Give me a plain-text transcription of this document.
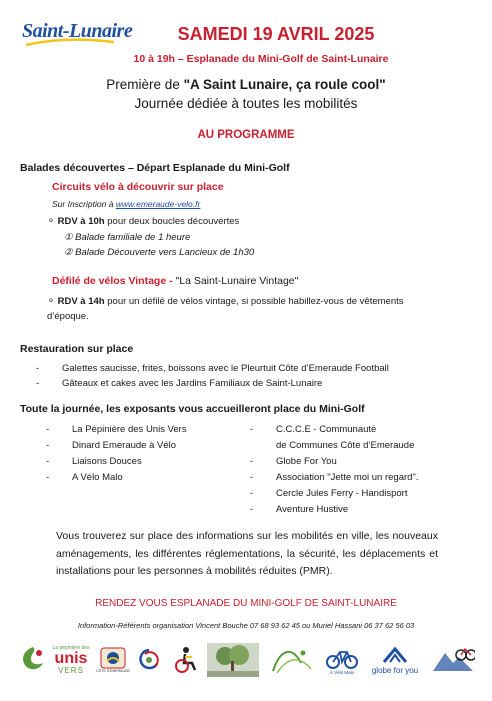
Saint-Lunaire	SAMEDI 19 AVRIL 2025
10 à 19h – Esplanade du Mini-Golf de Saint-Lunaire
Première de "A Saint Lunaire, ça roule cool"
Journée dédiée à toutes les mobilités
AU PROGRAMME
Balades découvertes – Départ Esplanade du Mini-Golf
Circuits vélo à découvrir sur place
Sur Inscription à www.emeraude-velo.fr
⚬ RDV à 10h pour deux boucles découvertes
① Balade familiale de 1 heure
② Balade Découverte vers Lancieux de 1h30
Défilé de vélos Vintage - "La Saint-Lunaire Vintage"
⚬ RDV à 14h pour un défilé de vélos vintage, si possible habillez-vous de vêtements
d’époque.
Restauration sur place
- Galettes saucisse, frites, boissons avec le Pleurtuit Côte d’Emeraude Football
- Gâteaux et cakes avec les Jardins Familiaux de Saint-Lunaire
Toute la journée, les exposants vous accueilleront place du Mini-Golf
- La Pépinière des Unis Vers
- Dinard Emeraude à Vélo
- Liaisons Douces
- A Vélo Malo
- C.C.C.E - Communauté
de Communes Côte d’Emeraude
- Globe For You
- Association "Jette moi un regard".
- Cercle Jules Ferry - Handisport
- Aventure Hustive
Vous trouverez sur place des informations sur les mobilités en ville, les nouveaux aménagements, les différentes réglementations, la sécurité, les déplacements et installations pour les personnes à mobilités réduites (PMR).
RENDEZ VOUS ESPLANADE DU MINI-GOLF DE SAINT-LUNAIRE
Information-Référents organisation Vincent Bouche 07 68 93 62 45 ou Muriel Hassani 06 37 62 56 03
La pépinière des
unis
VERS	CÔTE D'ÉMERAUDE	À Vélo Malo globe for you
